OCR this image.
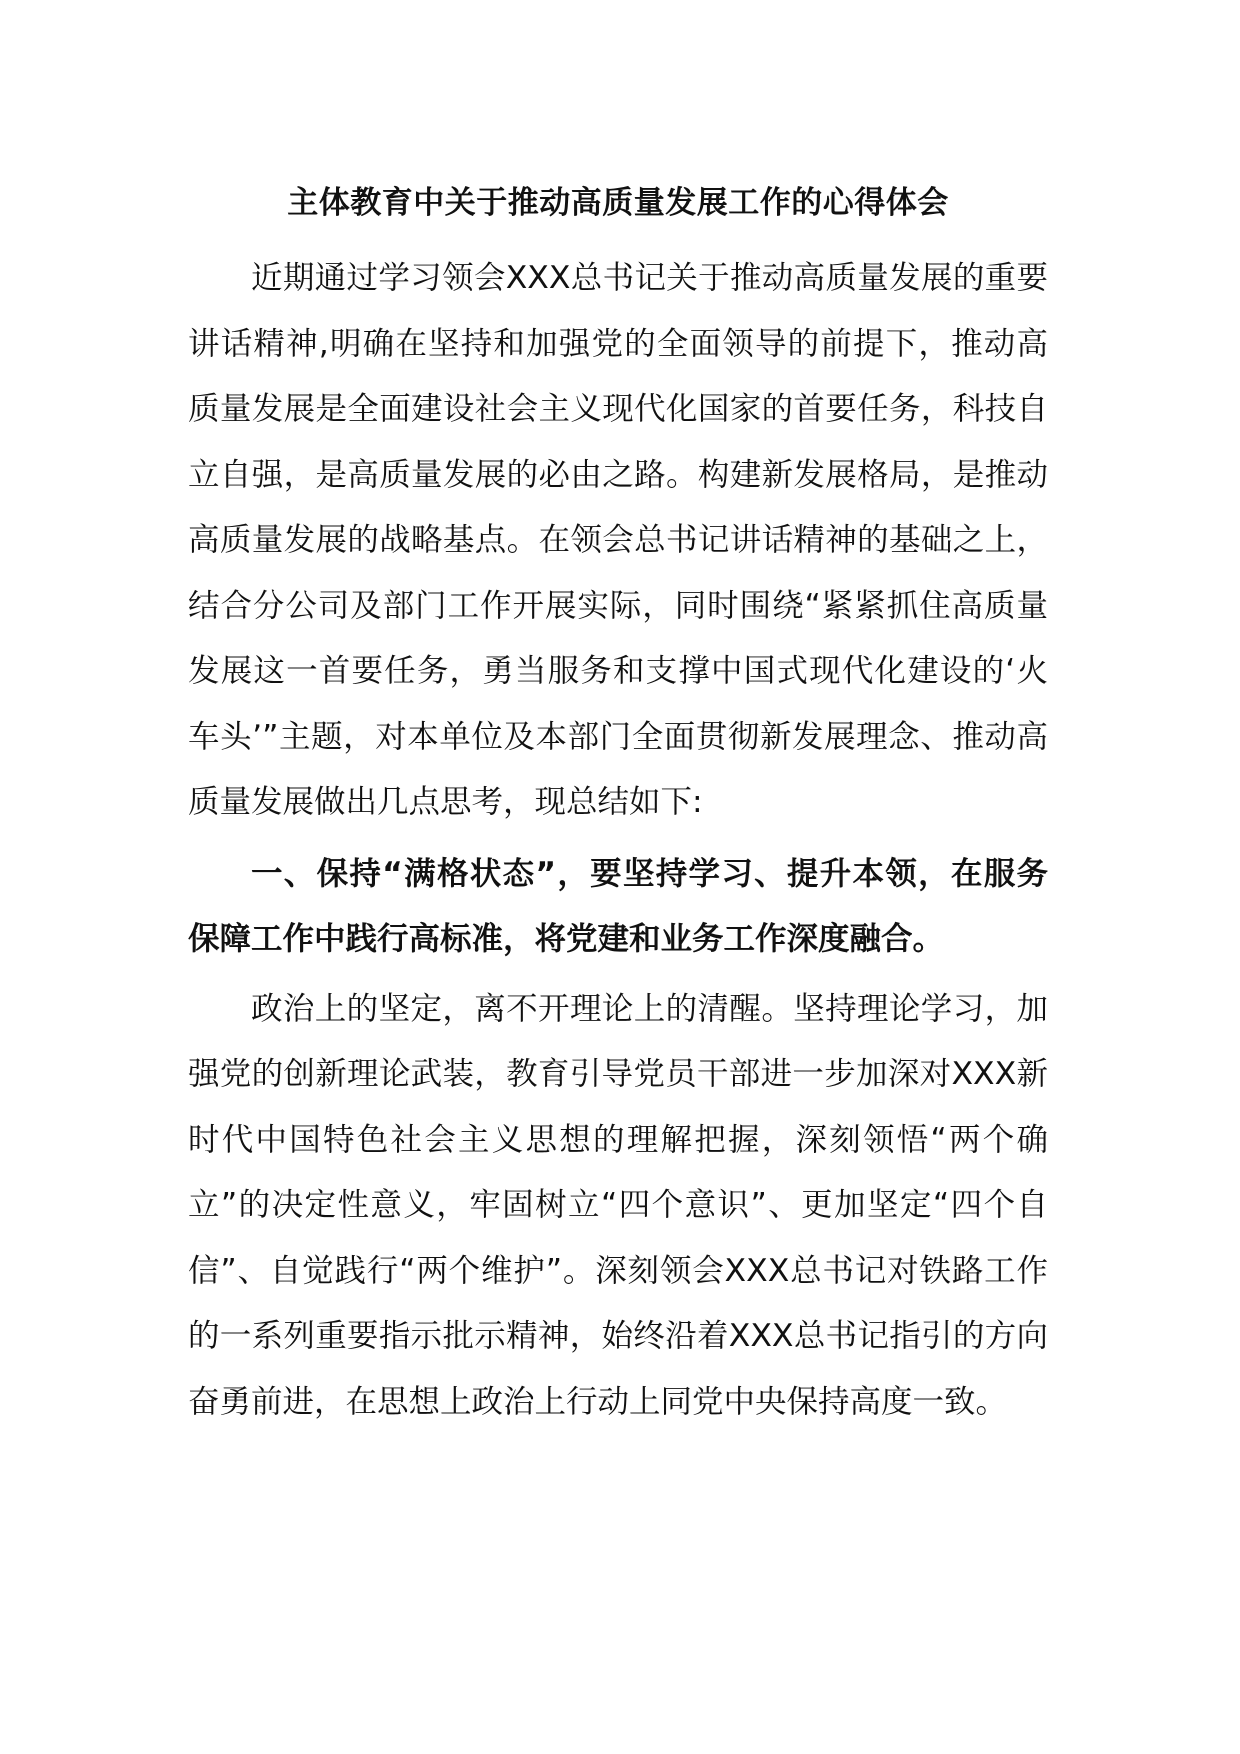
主体教育中关于推动高质量发展工作的心得体会

近期通过学习领会XXX总书记关于推动高质量发展的重要讲话精神,明确在坚持和加强党的全面领导的前提下，推动高质量发展是全面建设社会主义现代化国家的首要任务，科技自立自强，是高质量发展的必由之路。构建新发展格局，是推动高质量发展的战略基点。在领会总书记讲话精神的基础之上，结合分公司及部门工作开展实际，同时围绕“紧紧抓住高质量发展这一首要任务，勇当服务和支撑中国式现代化建设的‘火车头’”主题，对本单位及本部门全面贯彻新发展理念、推动高质量发展做出几点思考，现总结如下:

一、保持“满格状态”，要坚持学习、提升本领，在服务保障工作中践行高标准，将党建和业务工作深度融合。

政治上的坚定，离不开理论上的清醒。坚持理论学习，加强党的创新理论武装，教育引导党员干部进一步加深对XXX新时代中国特色社会主义思想的理解把握，深刻领悟“两个确立”的决定性意义，牢固树立“四个意识”、更加坚定“四个自信”、自觉践行“两个维护”。深刻领会XXX总书记对铁路工作的一系列重要指示批示精神，始终沿着XXX总书记指引的方向奋勇前进，在思想上政治上行动上同党中央保持高度一致。
